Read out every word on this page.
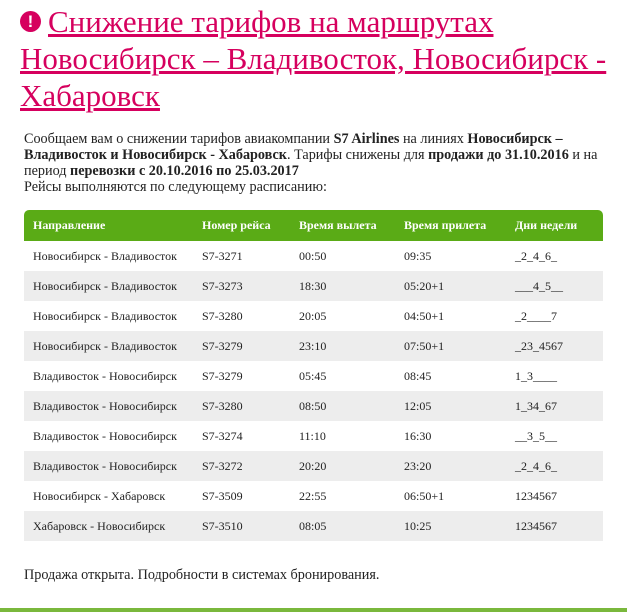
! Снижение тарифов на маршрутах Новосибирск – Владивосток, Новосибирск - Хабаровск

Сообщаем вам о снижении тарифов авиакомпании S7 Airlines на линиях Новосибирск – Владивосток и Новосибирск - Хабаровск. Тарифы снижены для продажи до 31.10.2016 и на период перевозки с 20.10.2016 по 25.03.2017
Рейсы выполняются по следующему расписанию:

Направление	Номер рейса	Время вылета	Время прилета	Дни недели
Новосибирск - Владивосток	S7-3271	00:50	09:35	_2_4_6_
Новосибирск - Владивосток	S7-3273	18:30	05:20+1	___4_5__
Новосибирск - Владивосток	S7-3280	20:05	04:50+1	_2____7
Новосибирск - Владивосток	S7-3279	23:10	07:50+1	_23_4567
Владивосток - Новосибирск	S7-3279	05:45	08:45	1_3____
Владивосток - Новосибирск	S7-3280	08:50	12:05	1_34_67
Владивосток - Новосибирск	S7-3274	11:10	16:30	__3_5__
Владивосток - Новосибирск	S7-3272	20:20	23:20	_2_4_6_
Новосибирск - Хабаровск	S7-3509	22:55	06:50+1	1234567
Хабаровск - Новосибирск	S7-3510	08:05	10:25	1234567

Продажа открыта. Подробности в системах бронирования.
